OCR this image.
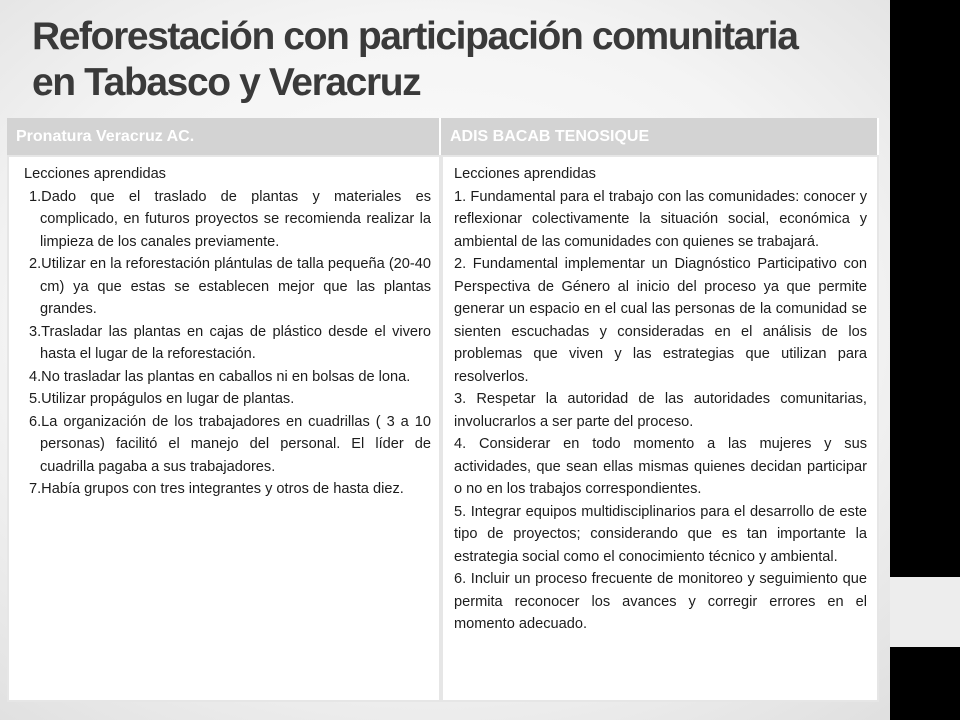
Reforestación con participación comunitaria
en Tabasco y Veracruz
Pronatura Veracruz AC.	ADIS BACAB TENOSIQUE
Lecciones aprendidas
1.Dado que el traslado de plantas y materiales es complicado, en futuros proyectos se recomienda realizar la limpieza de los canales previamente.
2.Utilizar en la reforestación plántulas de talla pequeña (20-40 cm) ya que estas se establecen mejor que las plantas grandes.
3.Trasladar las plantas en cajas de plástico desde el vivero hasta el lugar de la reforestación.
4.No trasladar las plantas en caballos ni en bolsas de lona.
5.Utilizar propágulos en lugar de plantas.
6.La organización de los trabajadores en cuadrillas ( 3 a 10 personas) facilitó el manejo del personal. El líder de cuadrilla pagaba a sus trabajadores.
7.Había grupos con tres integrantes y otros de hasta diez.
Lecciones aprendidas
1. Fundamental para el trabajo con las comunidades: conocer y reflexionar colectivamente la situación social, económica y ambiental de las comunidades con quienes se trabajará.
2. Fundamental implementar un Diagnóstico Participativo con Perspectiva de Género al inicio del proceso ya que permite generar un espacio en el cual las personas de la comunidad se sienten escuchadas y consideradas en el análisis de los problemas que viven y las estrategias que utilizan para resolverlos.
3. Respetar la autoridad de las autoridades comunitarias, involucrarlos a ser parte del proceso.
4. Considerar en todo momento a las mujeres y sus actividades, que sean ellas mismas quienes decidan participar o no en los trabajos correspondientes.
5. Integrar equipos multidisciplinarios para el desarrollo de este tipo de proyectos; considerando que es tan importante la estrategia social como el conocimiento técnico y ambiental.
6. Incluir un proceso frecuente de monitoreo y seguimiento que permita reconocer los avances y corregir errores en el momento adecuado.
